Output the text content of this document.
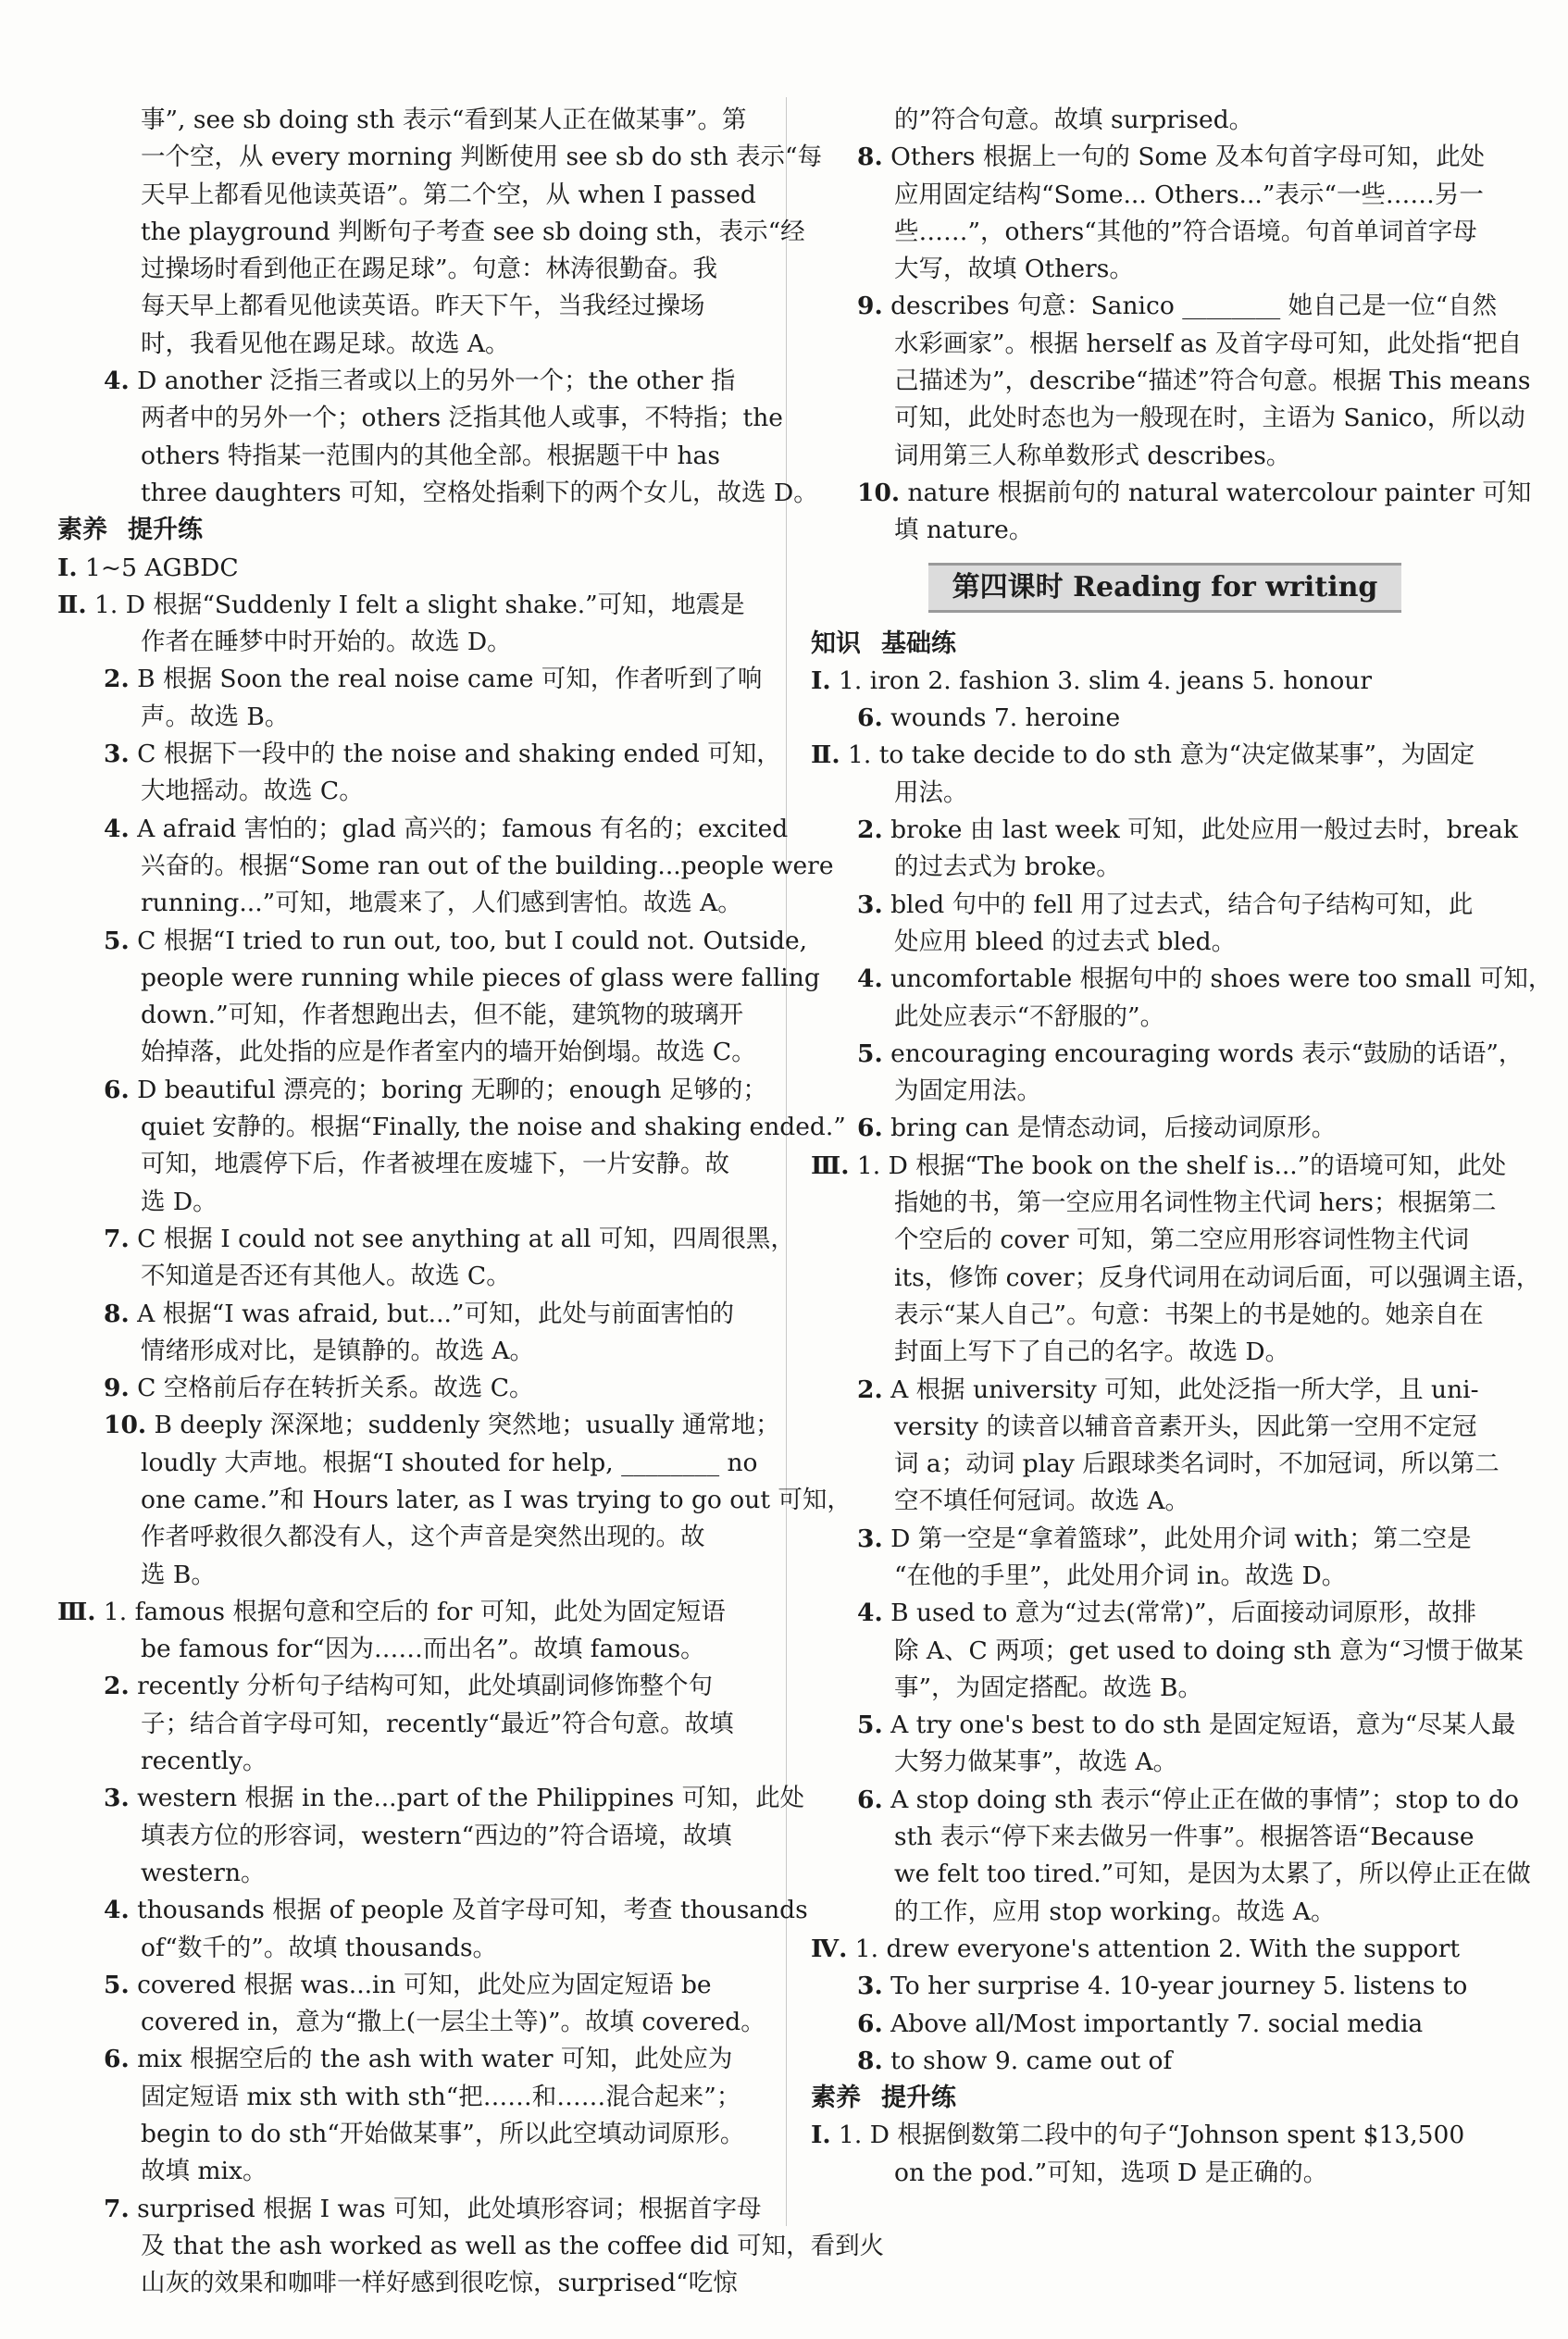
事”, see sb doing sth 表示“看到某人正在做某事”。第
一个空，从 every morning 判断使用 see sb do sth 表示“每
天早上都看见他读英语”。第二个空，从 when I passed
the playground 判断句子考查 see sb doing sth，表示“经
过操场时看到他正在踢足球”。句意：林涛很勤奋。我
每天早上都看见他读英语。昨天下午，当我经过操场
时，我看见他在踢足球。故选 A。
4. D another 泛指三者或以上的另外一个；the other 指
两者中的另外一个；others 泛指其他人或事，不特指；the
others 特指某一范围内的其他全部。根据题干中 has
three daughters 可知，空格处指剩下的两个女儿，故选 D。
素养 提升练
Ⅰ. 1~5 AGBDC
Ⅱ. 1. D 根据“Suddenly I felt a slight shake.”可知，地震是
作者在睡梦中时开始的。故选 D。
2. B 根据 Soon the real noise came 可知，作者听到了响
声。故选 B。
3. C 根据下一段中的 the noise and shaking ended 可知，
大地摇动。故选 C。
4. A afraid 害怕的；glad 高兴的；famous 有名的；excited
兴奋的。根据“Some ran out of the building...people were
running...”可知，地震来了，人们感到害怕。故选 A。
5. C 根据“I tried to run out, too, but I could not. Outside,
people were running while pieces of glass were falling
down.”可知，作者想跑出去，但不能，建筑物的玻璃开
始掉落，此处指的应是作者室内的墙开始倒塌。故选 C。
6. D beautiful 漂亮的；boring 无聊的；enough 足够的；
quiet 安静的。根据“Finally, the noise and shaking ended.”
可知，地震停下后，作者被埋在废墟下，一片安静。故
选 D。
7. C 根据 I could not see anything at all 可知，四周很黑，
不知道是否还有其他人。故选 C。
8. A 根据“I was afraid, but...”可知，此处与前面害怕的
情绪形成对比，是镇静的。故选 A。
9. C 空格前后存在转折关系。故选 C。
10. B deeply 深深地；suddenly 突然地；usually 通常地；
loudly 大声地。根据“I shouted for help, ________ no
one came.”和 Hours later, as I was trying to go out 可知，
作者呼救很久都没有人，这个声音是突然出现的。故
选 B。
Ⅲ. 1. famous 根据句意和空后的 for 可知，此处为固定短语
be famous for“因为……而出名”。故填 famous。
2. recently 分析句子结构可知，此处填副词修饰整个句
子；结合首字母可知，recently“最近”符合句意。故填
recently。
3. western 根据 in the...part of the Philippines 可知，此处
填表方位的形容词，western“西边的”符合语境，故填
western。
4. thousands 根据 of people 及首字母可知，考查 thousands
of“数千的”。故填 thousands。
5. covered 根据 was...in 可知，此处应为固定短语 be
covered in，意为“撒上(一层尘土等)”。故填 covered。
6. mix 根据空后的 the ash with water 可知，此处应为
固定短语 mix sth with sth“把……和……混合起来”；
begin to do sth“开始做某事”，所以此空填动词原形。
故填 mix。
7. surprised 根据 I was 可知，此处填形容词；根据首字母
及 that the ash worked as well as the coffee did 可知，看到火
山灰的效果和咖啡一样好感到很吃惊，surprised“吃惊
的”符合句意。故填 surprised。
8. Others 根据上一句的 Some 及本句首字母可知，此处
应用固定结构“Some... Others...”表示“一些……另一
些……”，others“其他的”符合语境。句首单词首字母
大写，故填 Others。
9. describes 句意：Sanico ________ 她自己是一位“自然
水彩画家”。根据 herself as 及首字母可知，此处指“把自
己描述为”，describe“描述”符合句意。根据 This means
可知，此处时态也为一般现在时，主语为 Sanico，所以动
词用第三人称单数形式 describes。
10. nature 根据前句的 natural watercolour painter 可知
填 nature。
第四课时 Reading for writing
知识 基础练
Ⅰ. 1. iron 2. fashion 3. slim 4. jeans 5. honour
6. wounds 7. heroine
Ⅱ. 1. to take decide to do sth 意为“决定做某事”，为固定
用法。
2. broke 由 last week 可知，此处应用一般过去时，break
的过去式为 broke。
3. bled 句中的 fell 用了过去式，结合句子结构可知，此
处应用 bleed 的过去式 bled。
4. uncomfortable 根据句中的 shoes were too small 可知，
此处应表示“不舒服的”。
5. encouraging encouraging words 表示“鼓励的话语”，
为固定用法。
6. bring can 是情态动词，后接动词原形。
Ⅲ. 1. D 根据“The book on the shelf is...”的语境可知，此处
指她的书，第一空应用名词性物主代词 hers；根据第二
个空后的 cover 可知，第二空应用形容词性物主代词
its，修饰 cover；反身代词用在动词后面，可以强调主语，
表示“某人自己”。句意：书架上的书是她的。她亲自在
封面上写下了自己的名字。故选 D。
2. A 根据 university 可知，此处泛指一所大学，且 uni-
versity 的读音以辅音音素开头，因此第一空用不定冠
词 a；动词 play 后跟球类名词时，不加冠词，所以第二
空不填任何冠词。故选 A。
3. D 第一空是“拿着篮球”，此处用介词 with；第二空是
“在他的手里”，此处用介词 in。故选 D。
4. B used to 意为“过去(常常)”，后面接动词原形，故排
除 A、C 两项；get used to doing sth 意为“习惯于做某
事”，为固定搭配。故选 B。
5. A try one's best to do sth 是固定短语，意为“尽某人最
大努力做某事”，故选 A。
6. A stop doing sth 表示“停止正在做的事情”；stop to do
sth 表示“停下来去做另一件事”。根据答语“Because
we felt too tired.”可知，是因为太累了，所以停止正在做
的工作，应用 stop working。故选 A。
Ⅳ. 1. drew everyone's attention 2. With the support
3. To her surprise 4. 10-year journey 5. listens to
6. Above all/Most importantly 7. social media
8. to show 9. came out of
素养 提升练
Ⅰ. 1. D 根据倒数第二段中的句子“Johnson spent $13,500
on the pod.”可知，选项 D 是正确的。
